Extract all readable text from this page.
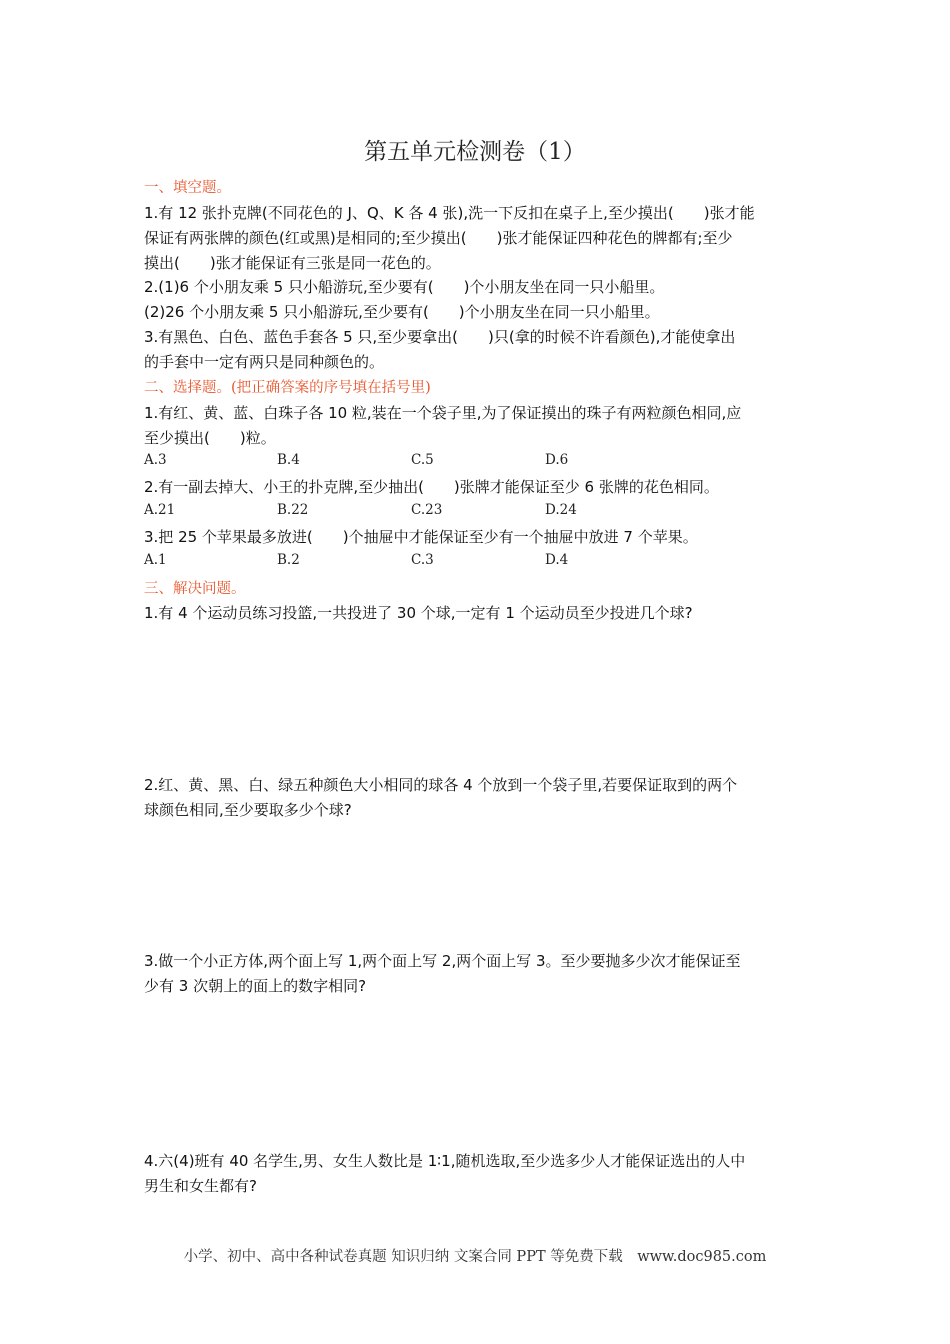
第五单元检测卷（1）
一、填空题。
1.有 12 张扑克牌(不同花色的 J、Q、K 各 4 张),洗一下反扣在桌子上,至少摸出(　　)张才能
保证有两张牌的颜色(红或黑)是相同的;至少摸出(　　)张才能保证四种花色的牌都有;至少
摸出(　　)张才能保证有三张是同一花色的。
2.(1)6 个小朋友乘 5 只小船游玩,至少要有(　　)个小朋友坐在同一只小船里。
(2)26 个小朋友乘 5 只小船游玩,至少要有(　　)个小朋友坐在同一只小船里。
3.有黑色、白色、蓝色手套各 5 只,至少要拿出(　　)只(拿的时候不许看颜色),才能使拿出
的手套中一定有两只是同种颜色的。
二、选择题。(把正确答案的序号填在括号里)
1.有红、黄、蓝、白珠子各 10 粒,装在一个袋子里,为了保证摸出的珠子有两粒颜色相同,应
至少摸出(　　)粒。
A.3	B.4	C.5	D.6
2.有一副去掉大、小王的扑克牌,至少抽出(　　)张牌才能保证至少 6 张牌的花色相同。
A.21	B.22	C.23	D.24
3.把 25 个苹果最多放进(　　)个抽屉中才能保证至少有一个抽屉中放进 7 个苹果。
A.1	B.2	C.3	D.4
三、解决问题。
1.有 4 个运动员练习投篮,一共投进了 30 个球,一定有 1 个运动员至少投进几个球?
2.红、黄、黑、白、绿五种颜色大小相同的球各 4 个放到一个袋子里,若要保证取到的两个
球颜色相同,至少要取多少个球?
3.做一个小正方体,两个面上写 1,两个面上写 2,两个面上写 3。至少要抛多少次才能保证至
少有 3 次朝上的面上的数字相同?
4.六(4)班有 40 名学生,男、女生人数比是 1∶1,随机选取,至少选多少人才能保证选出的人中
男生和女生都有?
小学、初中、高中各种试卷真题 知识归纳 文案合同 PPT 等免费下载　www.doc985.com
